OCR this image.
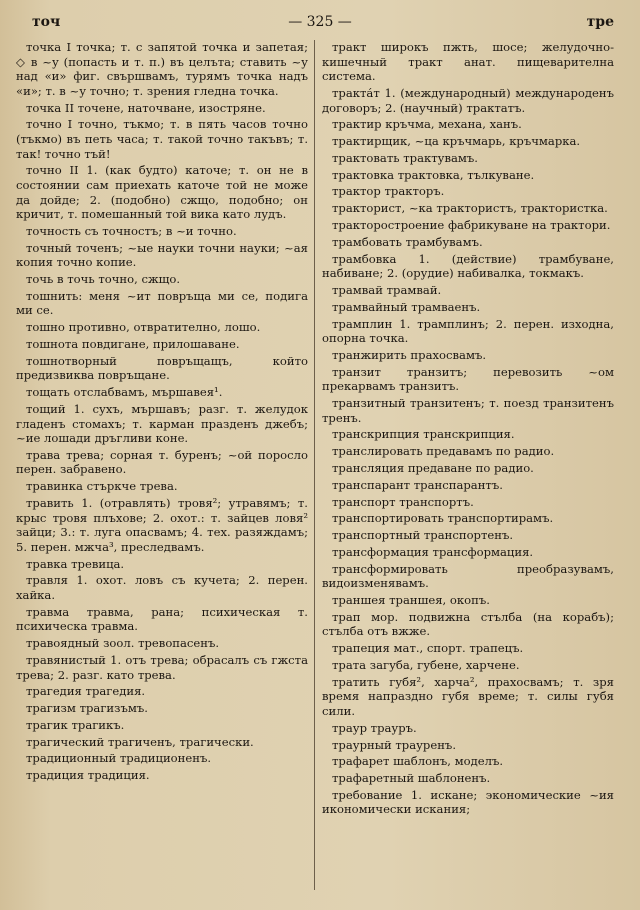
точ	— 325 —	тре
точка I точка; т. с запятой точка и запетая; ◇ в ~у (попасть и т. п.) въ целъта; ставить ~у над «и» фиг. свършвамъ, турямъ точка надъ «и»; т. в ~у точно; т. зрения гледна точка.
точка II точене, наточване, изостряне.
точно I точно, тъкмо; т. в пять часов точно (тъкмо) въ петь часа; т. такой точно такъвъ; т. так! точно тъй!
точно II 1. (как будто) каточе; т. он не в состоянии сам приехать каточе той не може да дойде; 2. (подобно) сжщо, подобно; он кричит, т. помешанный той вика като лудъ.
точность съ точностъ; в ~и точно.
точный точенъ; ~ые науки точни науки; ~ая копия точно копие.
точь в точь точно, сжщо.
тошнить: меня ~ит повръща ми се, подига ми се.
тошно противно, отвратително, лошо.
тошнота повдигане, прилошаване.
тошнотворный повръщащъ, който предизвиква повръщане.
тощать отслабвамъ, мършавея¹.
тощий 1. сухъ, мършавъ; разг. т. желудок гладенъ стомахъ; т. карман празденъ джебъ; ~ие лошади дръгливи коне.
трава трева; сорная т. буренъ; ~ой поросло перен. забравено.
травинка стъркче трева.
травить 1. (отравлять) тровя²; утравямъ; т. крыс тровя плъхове; 2. охот.: т. зайцев ловя² зайци; 3.: т. луга опасвамъ; 4. тех. разяждамъ; 5. перен. мжча³, преследвамъ.
травка тревица.
травля 1. охот. ловъ съ кучета; 2. перен. хайка.
травма травма, рана; психическая т. психическа травма.
травоядный зоол. тревопасенъ.
травянистый 1. отъ трева; обрасалъ съ гжста трева; 2. разг. като трева.
трагедия трагедия.
трагизм трагизъмъ.
трагик трагикъ.
трагический трагиченъ, трагически.
традиционный традиционенъ.
традиция традиция.
тракт широкъ пжть, шосе; желудочно-кишечный тракт анат. пищеварителна система.
тракта́т 1. (международный) международенъ договоръ; 2. (научный) трактатъ.
трактир кръчма, механа, ханъ.
трактирщик, ~ца кръчмарь, кръчмарка.
трактовать трактувамъ.
трактовка трактовка, тълкуване.
трактор тракторъ.
тракторист, ~ка трактористъ, трактористка.
тракторостроение фабрикуване на трактори.
трамбовать трамбувамъ.
трамбовка 1. (действие) трамбуване, набиване; 2. (орудие) набивалка, токмакъ.
трамвай трамвай.
трамвайный трамваенъ.
трамплин 1. трамплинъ; 2. перен. изходна, опорна точка.
транжирить прахосвамъ.
транзит транзитъ; перевозить ~ом прекарвамъ транзитъ.
транзитный транзитенъ; т. поезд транзитенъ тренъ.
транскрипция транскрипция.
транслировать предавамъ по радио.
трансляция предаване по радио.
транспарант транспарантъ.
транспорт транспортъ.
транспортировать транспортирамъ.
транспортный транспортенъ.
трансформация трансформация.
трансформировать преобразувамъ, видоизменявамъ.
траншея траншея, окопъ.
трап мор. подвижна стълба (на корабъ); стълба отъ вжже.
трапеция мат., спорт. трапецъ.
трата загуба, губене, харчене.
тратить губя², харча², прахосвамъ; т. зря время напраздно губя време; т. силы губя сили.
траур трауръ.
траурный трауренъ.
трафарет шаблонъ, моделъ.
трафаретный шаблоненъ.
требование 1. искане; экономические ~ия икономически искания;
